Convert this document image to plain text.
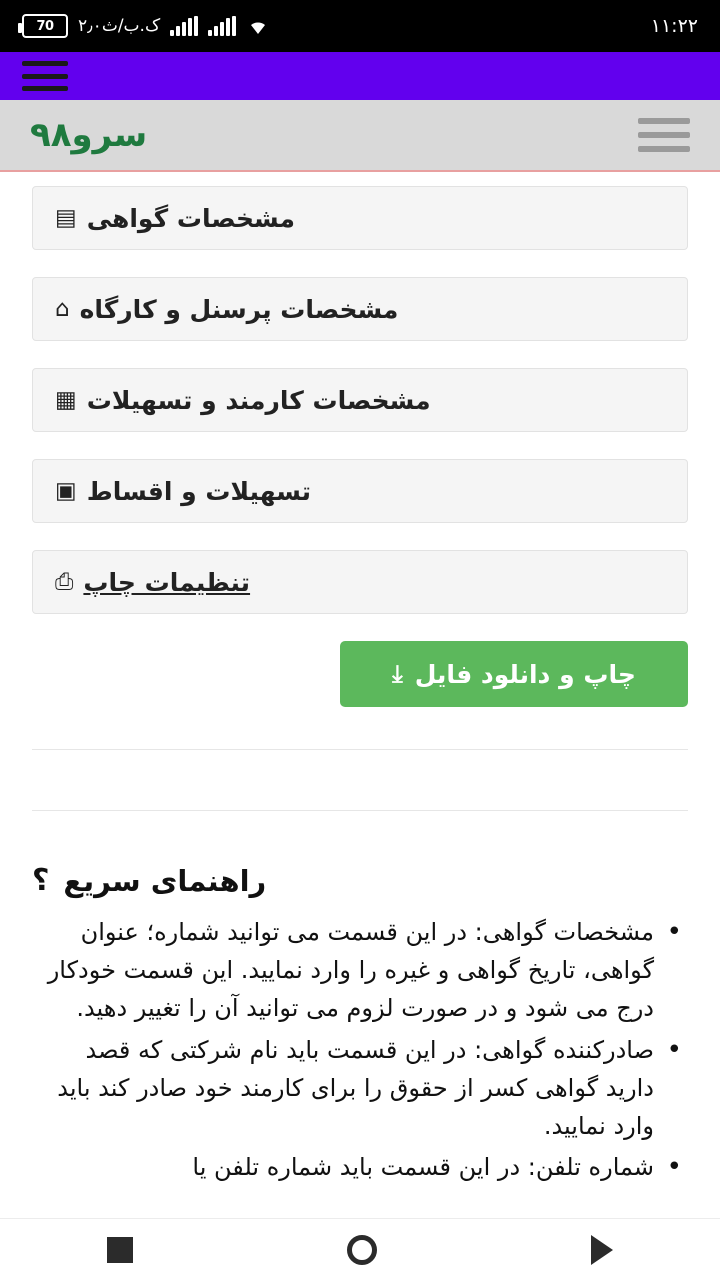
70 ۲٫۰ک.ب/ث	۱۱:۲۲
سرو۹۸
مشخصات گواهی
▤
مشخصات پرسنل و کارگاه
⌂
مشخصات کارمند و تسهیلات
▦
تسهیلات و اقساط
▣
تنظیمات چاپ
⎙
چاپ و دانلود فایل
⤓
راهنمای سریع
؟
• مشخصات گواهی: در این قسمت می توانید شماره؛ عنوان گواهی، تاریخ گواهی و غیره را وارد نمایید. این قسمت خودکار درج می شود و در صورت لزوم می توانید آن را تغییر دهید.
• صادرکننده گواهی: در این قسمت باید نام شرکتی که قصد دارید گواهی کسر از حقوق را برای کارمند خود صادر کند باید وارد نمایید.
• شماره تلفن: در این قسمت باید شماره تلفن یا
